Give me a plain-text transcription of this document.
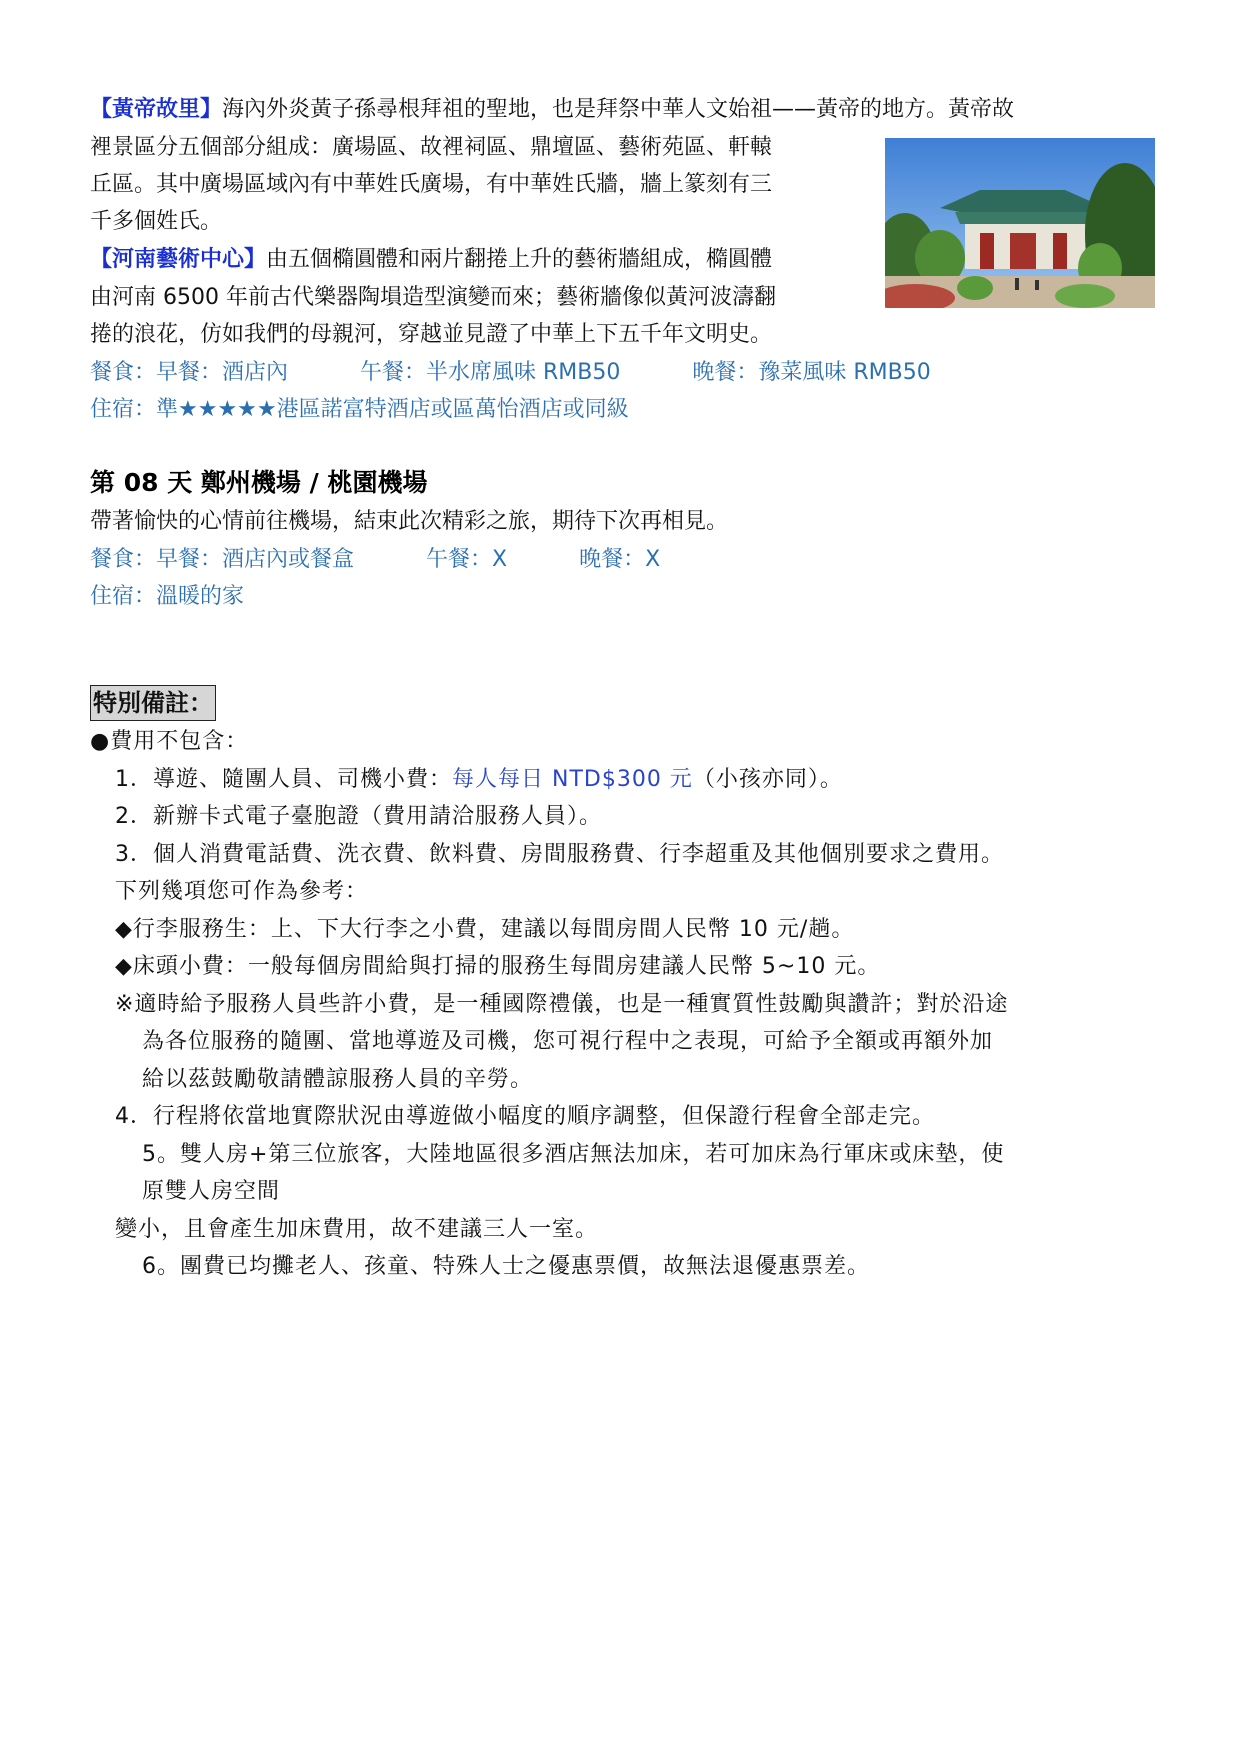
【黃帝故里】海內外炎黃子孫尋根拜祖的聖地，也是拜祭中華人文始祖——黃帝的地方。黃帝故
裡景區分五個部分組成：廣場區、故裡祠區、鼎壇區、藝術苑區、軒轅
丘區。其中廣場區域內有中華姓氏廣場，有中華姓氏牆，牆上篆刻有三
千多個姓氏。
【河南藝術中心】由五個橢圓體和兩片翻捲上升的藝術牆組成，橢圓體
由河南 6500 年前古代樂器陶塤造型演變而來；藝術牆像似黃河波濤翻
捲的浪花，仿如我們的母親河，穿越並見證了中華上下五千年文明史。
餐食：早餐：酒店內	午餐：半水席風味 RMB50	晚餐：豫菜風味 RMB50
住宿：準★★★★★港區諾富特酒店或區萬怡酒店或同級
第 08 天 鄭州機場 / 桃園機場
帶著愉快的心情前往機場，結束此次精彩之旅，期待下次再相見。
餐食：早餐：酒店內或餐盒	午餐：X	晚餐：X
住宿：溫暖的家
特別備註：
●費用不包含：
1．導遊、隨團人員、司機小費：每人每日 NTD$300 元（小孩亦同）。
2．新辦卡式電子臺胞證（費用請洽服務人員）。
3．個人消費電話費、洗衣費、飲料費、房間服務費、行李超重及其他個別要求之費用。
下列幾項您可作為參考：
◆行李服務生：上、下大行李之小費，建議以每間房間人民幣 10 元/趟。
◆床頭小費：一般每個房間給與打掃的服務生每間房建議人民幣 5~10 元。
※適時給予服務人員些許小費，是一種國際禮儀，也是一種實質性鼓勵與讚許；對於沿途
為各位服務的隨團、當地導遊及司機，您可視行程中之表現，可給予全額或再額外加
給以茲鼓勵敬請體諒服務人員的辛勞。
4．行程將依當地實際狀況由導遊做小幅度的順序調整，但保證行程會全部走完。
5。雙人房+第三位旅客，大陸地區很多酒店無法加床，若可加床為行軍床或床墊，使
原雙人房空間
變小，且會產生加床費用，故不建議三人一室。
6。團費已均攤老人、孩童、特殊人士之優惠票價，故無法退優惠票差。
